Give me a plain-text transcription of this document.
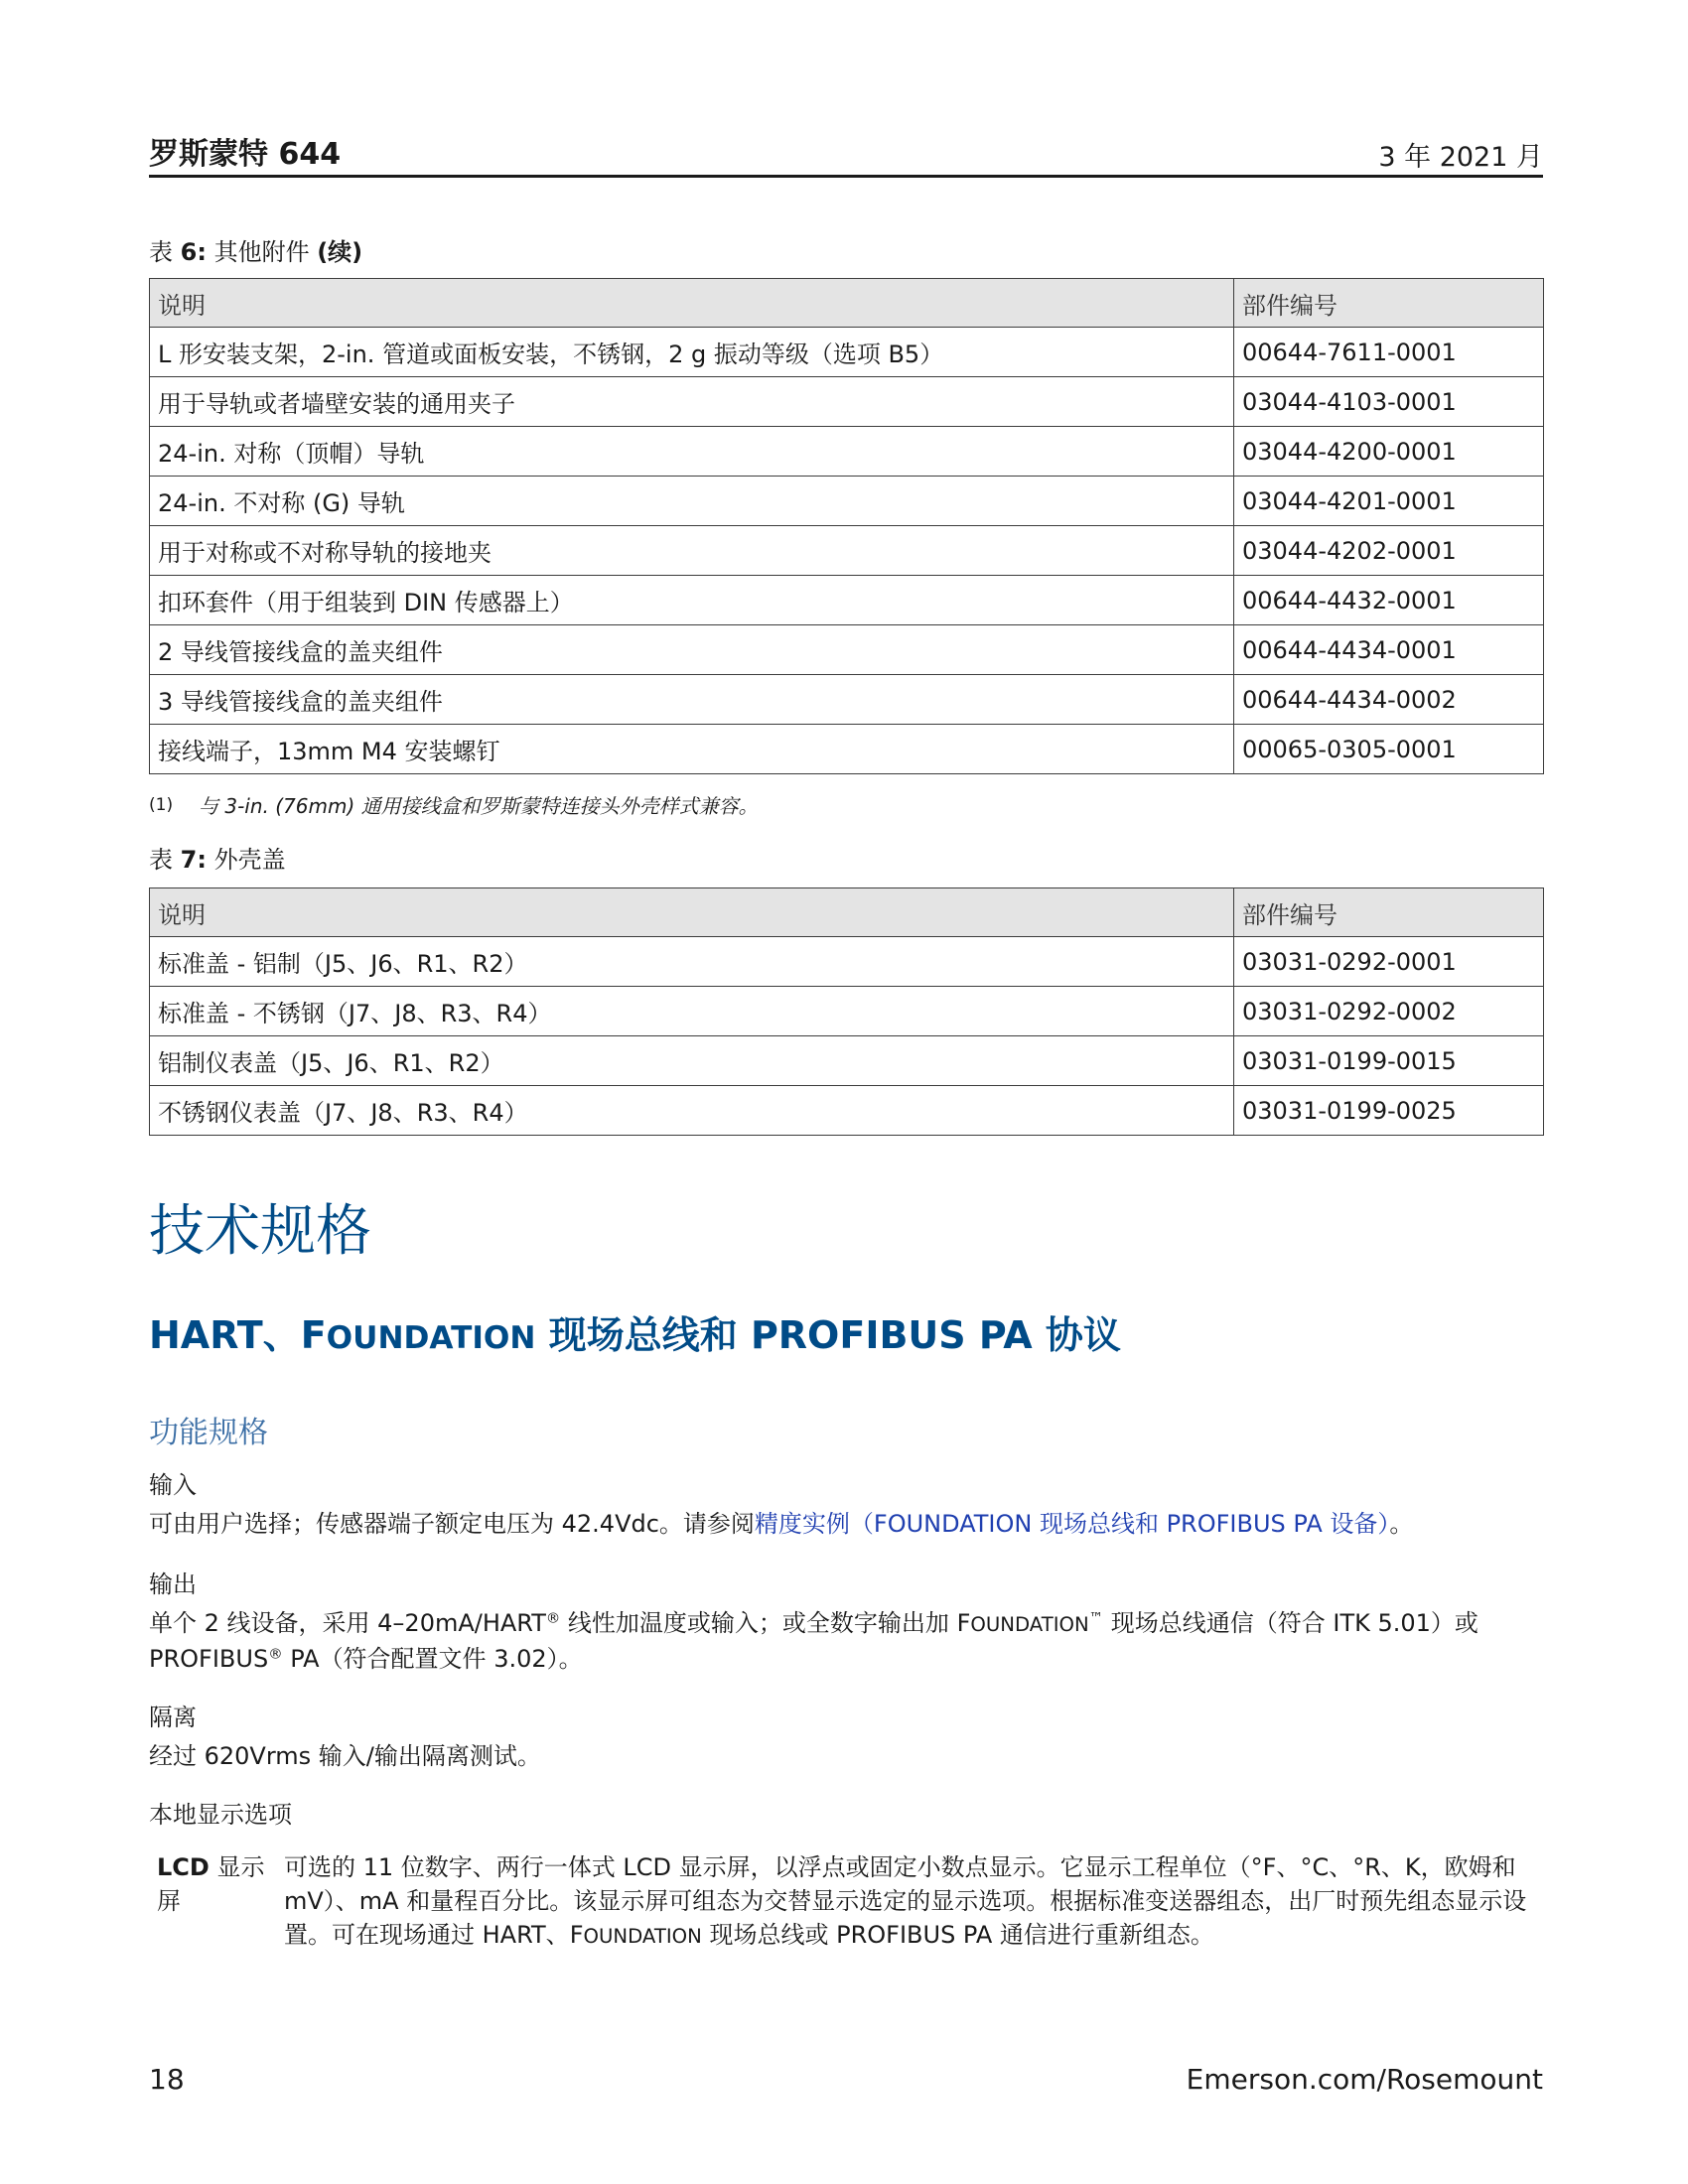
罗斯蒙特 644	3 年 2021 月
表 6: 其他附件 (续)
说明	部件编号
L 形安装支架，2-in. 管道或面板安装，不锈钢，2 g 振动等级（选项 B5）	00644-7611-0001
用于导轨或者墙壁安装的通用夹子	03044-4103-0001
24-in. 对称（顶帽）导轨	03044-4200-0001
24-in. 不对称 (G) 导轨	03044-4201-0001
用于对称或不对称导轨的接地夹	03044-4202-0001
扣环套件（用于组装到 DIN 传感器上）	00644-4432-0001
2 导线管接线盒的盖夹组件	00644-4434-0001
3 导线管接线盒的盖夹组件	00644-4434-0002
接线端子，13mm M4 安装螺钉	00065-0305-0001
(1) 与 3-in. (76mm) 通用接线盒和罗斯蒙特连接头外壳样式兼容。
表 7: 外壳盖
说明	部件编号
标准盖 - 铝制（J5、J6、R1、R2）	03031-0292-0001
标准盖 - 不锈钢（J7、J8、R3、R4）	03031-0292-0002
铝制仪表盖（J5、J6、R1、R2）	03031-0199-0015
不锈钢仪表盖（J7、J8、R3、R4）	03031-0199-0025
技术规格
HART、FOUNDATION 现场总线和 PROFIBUS PA 协议
功能规格
输入
可由用户选择；传感器端子额定电压为 42.4Vdc。请参阅精度实例（FOUNDATION 现场总线和 PROFIBUS PA 设备）。
输出
单个 2 线设备，采用 4–20mA/HART® 线性加温度或输入；或全数字输出加 FOUNDATION™ 现场总线通信（符合 ITK 5.01）或
PROFIBUS® PA（符合配置文件 3.02）。
隔离
经过 620Vrms 输入/输出隔离测试。
本地显示选项
LCD 显示屏
可选的 11 位数字、两行一体式 LCD 显示屏，以浮点或固定小数点显示。它显示工程单位（°F、°C、°R、K，欧姆和 mV）、mA 和量程百分比。该显示屏可组态为交替显示选定的显示选项。根据标准变送器组态，出厂时预先组态显示设置。可在现场通过 HART、FOUNDATION 现场总线或 PROFIBUS PA 通信进行重新组态。
18	Emerson.com/Rosemount
